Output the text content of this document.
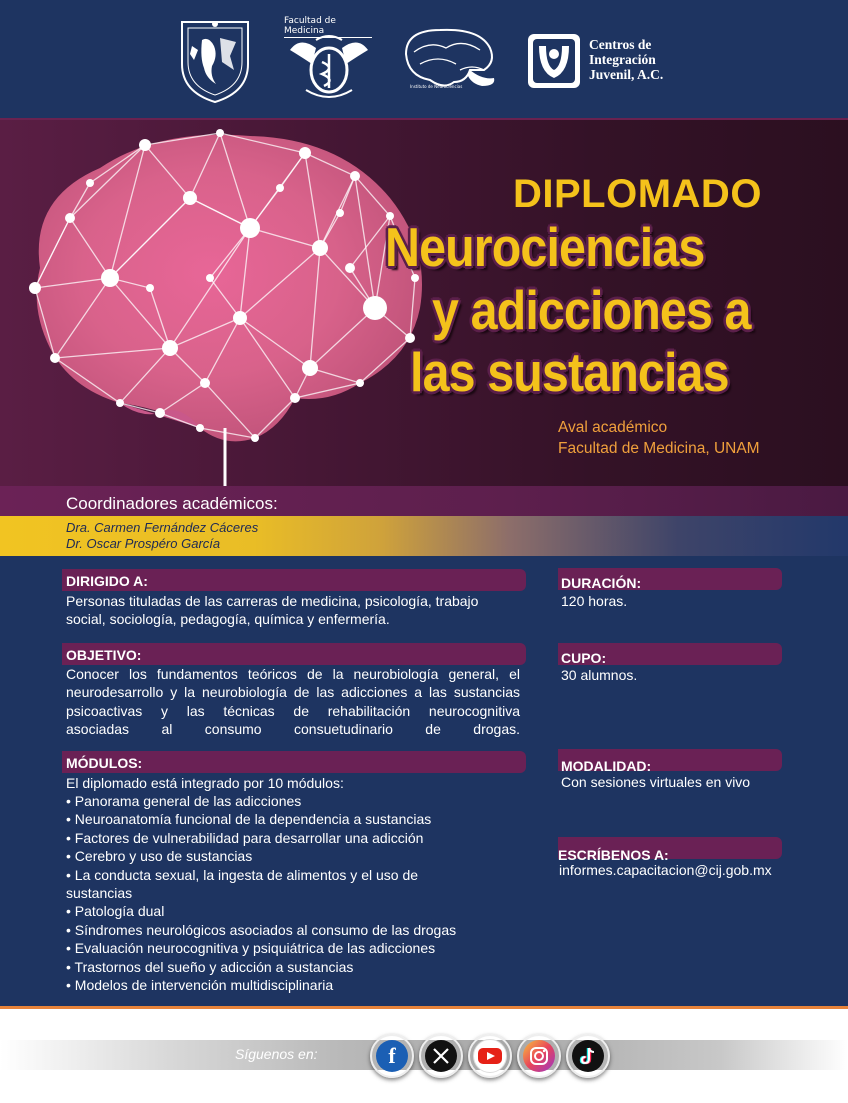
Facultad de Medicina
Instituto de Neurociencias
Centros de
Integración
Juvenil, A.C.
DIPLOMADO
Neurociencias
y adicciones a
las sustancias
Aval académico
Facultad de Medicina, UNAM
Coordinadores académicos:
Dra. Carmen Fernández Cáceres
Dr. Oscar Prospéro García
DIRIGIDO A:
Personas tituladas de las carreras de medicina, psicología, trabajo
social, sociología, pedagogía, química y enfermería.
OBJETIVO:
Conocer los fundamentos teóricos de la neurobiología general, el
neurodesarrollo y la neurobiología de las adicciones a las sustancias
psicoactivas y las técnicas de rehabilitación neurocognitiva
asociadas al consumo consuetudinario de drogas.
MÓDULOS:
El diplomado está integrado por 10 módulos:
• Panorama general de las adicciones
• Neuroanatomía funcional de la dependencia a sustancias
• Factores de vulnerabilidad para desarrollar una adicción
• Cerebro y uso de sustancias
• La conducta sexual, la ingesta de alimentos y el uso de
sustancias
• Patología dual
• Síndromes neurológicos asociados al consumo de las drogas
• Evaluación neurocognitiva y psiquiátrica de las adicciones
• Trastornos del sueño y adicción a sustancias
• Modelos de intervención multidisciplinaria
DURACIÓN:
120 horas.
CUPO:
30 alumnos.
MODALIDAD:
Con sesiones virtuales en vivo
ESCRÍBENOS A:
informes.capacitacion@cij.gob.mx
Síguenos en:	f
